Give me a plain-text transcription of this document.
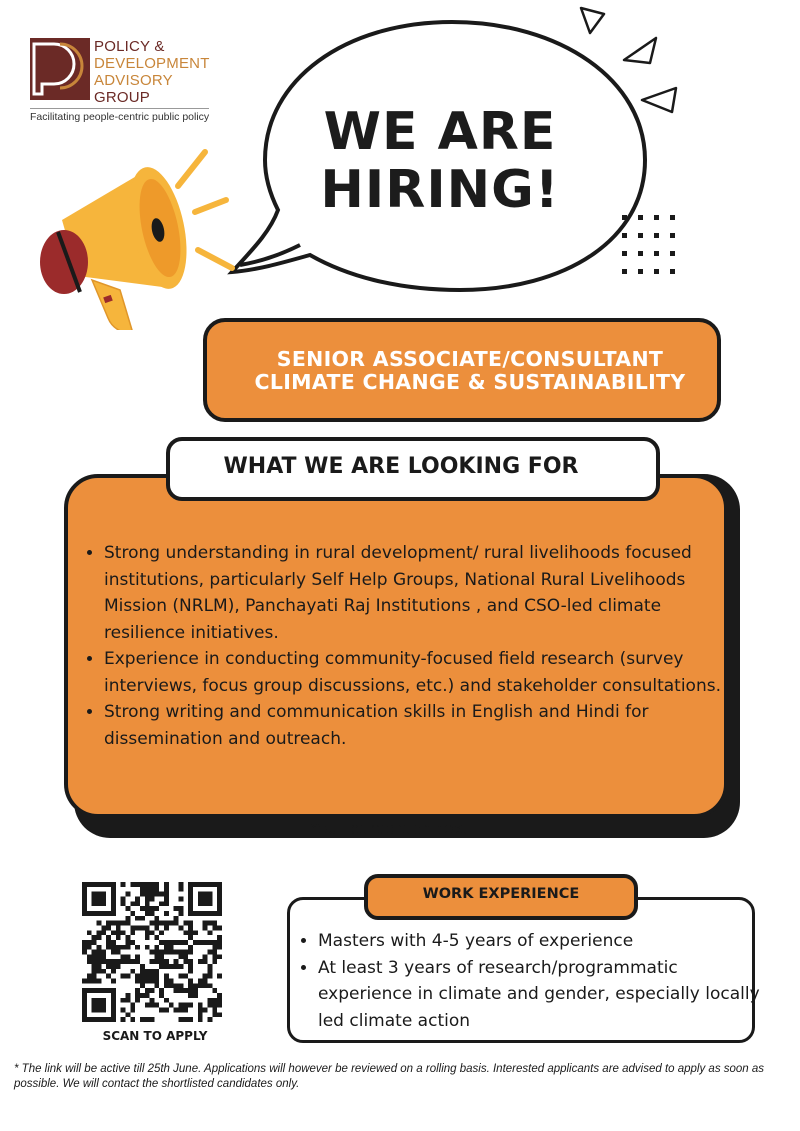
POLICY &
DEVELOPMENT
ADVISORY
GROUP
Facilitating people-centric public policy	WE ARE
HIRING!
SENIOR ASSOCIATE/CONSULTANT
CLIMATE CHANGE & SUSTAINABILITY
WHAT WE ARE LOOKING FOR
• Strong understanding in rural development/ rural livelihoods focused institutions, particularly Self Help Groups, National Rural Livelihoods Mission (NRLM), Panchayati Raj Institutions , and CSO-led climate resilience initiatives.
• Experience in conducting community-focused field research (survey interviews, focus group discussions, etc.) and stakeholder consultations.
• Strong writing and communication skills in English and Hindi for dissemination and outreach.
Your paragraph text
SCAN TO APPLY
WORK EXPERIENCE
• Masters with 4-5 years of experience
• At least 3 years of research/programmatic experience in climate and gender, especially locally led climate action
* The link will be active till 25th June. Applications will however be reviewed on a rolling basis. Interested applicants are advised to apply as soon as possible. We will contact the shortlisted candidates only.
